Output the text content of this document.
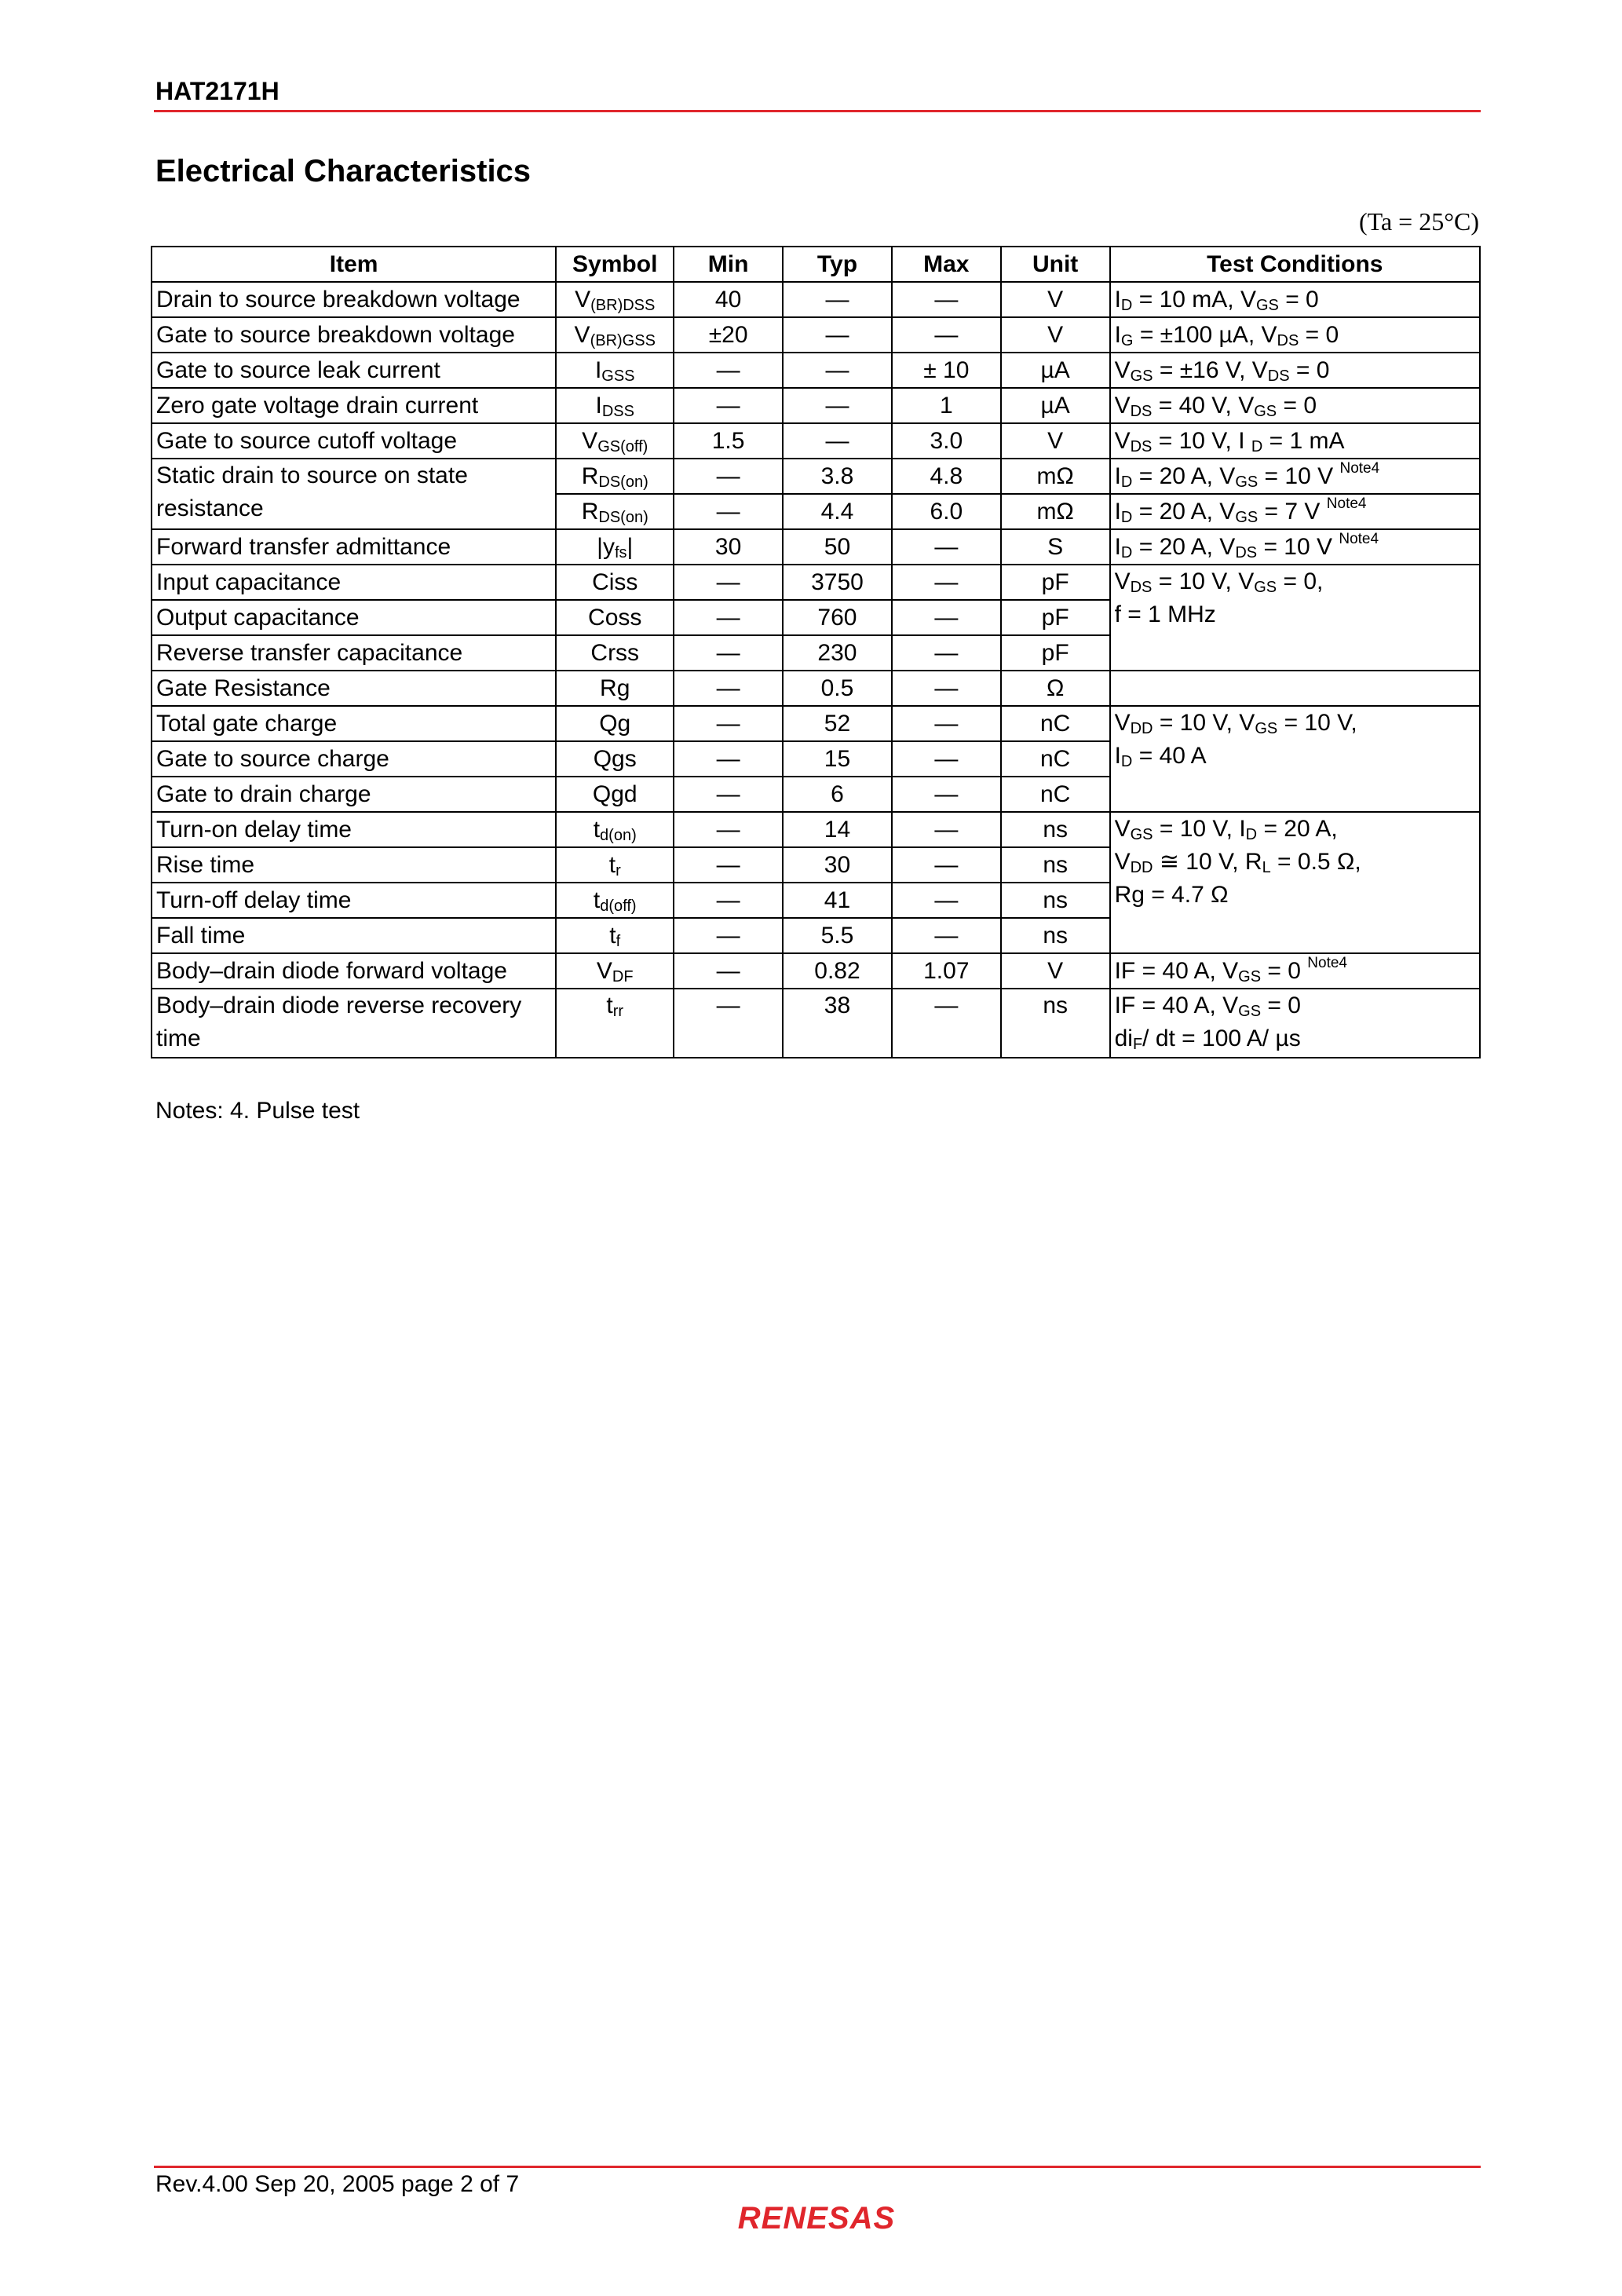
HAT2171H
Electrical Characteristics
(Ta = 25°C)
Item	Symbol	Min	Typ	Max	Unit	Test Conditions
Drain to source breakdown voltage	$V_{(BR)DSS}$	40	—	—	V	$I_D = 10$ mA, $V_{GS} = 0$
Gate to source breakdown voltage	$V_{(BR)GSS}$	±20	—	—	V	$I_G = \pm 100$ µA, $V_{DS} = 0$
Gate to source leak current	$I_{GSS}$	—	—	± 10	µA	$V_{GS} = \pm 16$ V, $V_{DS} = 0$
Zero gate voltage drain current	$I_{DSS}$	—	—	1	µA	$V_{DS} = 40$ V, $V_{GS} = 0$
Gate to source cutoff voltage	$V_{GS(off)}$	1.5	—	3.0	V	$V_{DS} = 10$ V, I $_D$ = 1 mA
Static drain to source on state resistance	$R_{DS(on)}$	—	3.8	4.8	mΩ	$I_D = 20$ A, $V_{GS} = 10$ V $^{Note4}$
	$R_{DS(on)}$	—	4.4	6.0	mΩ	$I_D = 20$ A, $V_{GS} = 7$ V $^{Note4}$
Forward transfer admittance	$|y_{fs}|$	30	50	—	S	$I_D = 20$ A, $V_{DS} = 10$ V $^{Note4}$
Input capacitance	Ciss	—	3750	—	pF	$V_{DS} = 10$ V, $V_{GS} = 0$,
f = 1 MHz
Output capacitance	Coss	—	760	—	pF	
Reverse transfer capacitance	Crss	—	230	—	pF	
Gate Resistance	Rg	—	0.5	—	Ω	
Total gate charge	Qg	—	52	—	nC	$V_{DD} = 10$ V, $V_{GS} = 10$ V,
$I_D = 40$ A
Gate to source charge	Qgs	—	15	—	nC	
Gate to drain charge	Qgd	—	6	—	nC	
Turn-on delay time	$t_{d(on)}$	—	14	—	ns	$V_{GS} = 10$ V, $I_D = 20$ A,
$V_{DD}$ ≅ 10 V, $R_L = 0.5$ Ω,
Rg = 4.7 Ω
Rise time	$t_r$	—	30	—	ns	
Turn-off delay time	$t_{d(off)}$	—	41	—	ns	
Fall time	$t_f$	—	5.5	—	ns	
Body–drain diode forward voltage	$V_{DF}$	—	0.82	1.07	V	IF = 40 A, $V_{GS} = 0$ $^{Note4}$
Body–drain diode reverse recovery time	$t_{rr}$	—	38	—	ns	IF = 40 A, $V_{GS} = 0$
$di_F/$ dt = 100 A/ µs
Notes: 4. Pulse test
Rev.4.00 Sep 20, 2005 page 2 of 7
RENESAS
